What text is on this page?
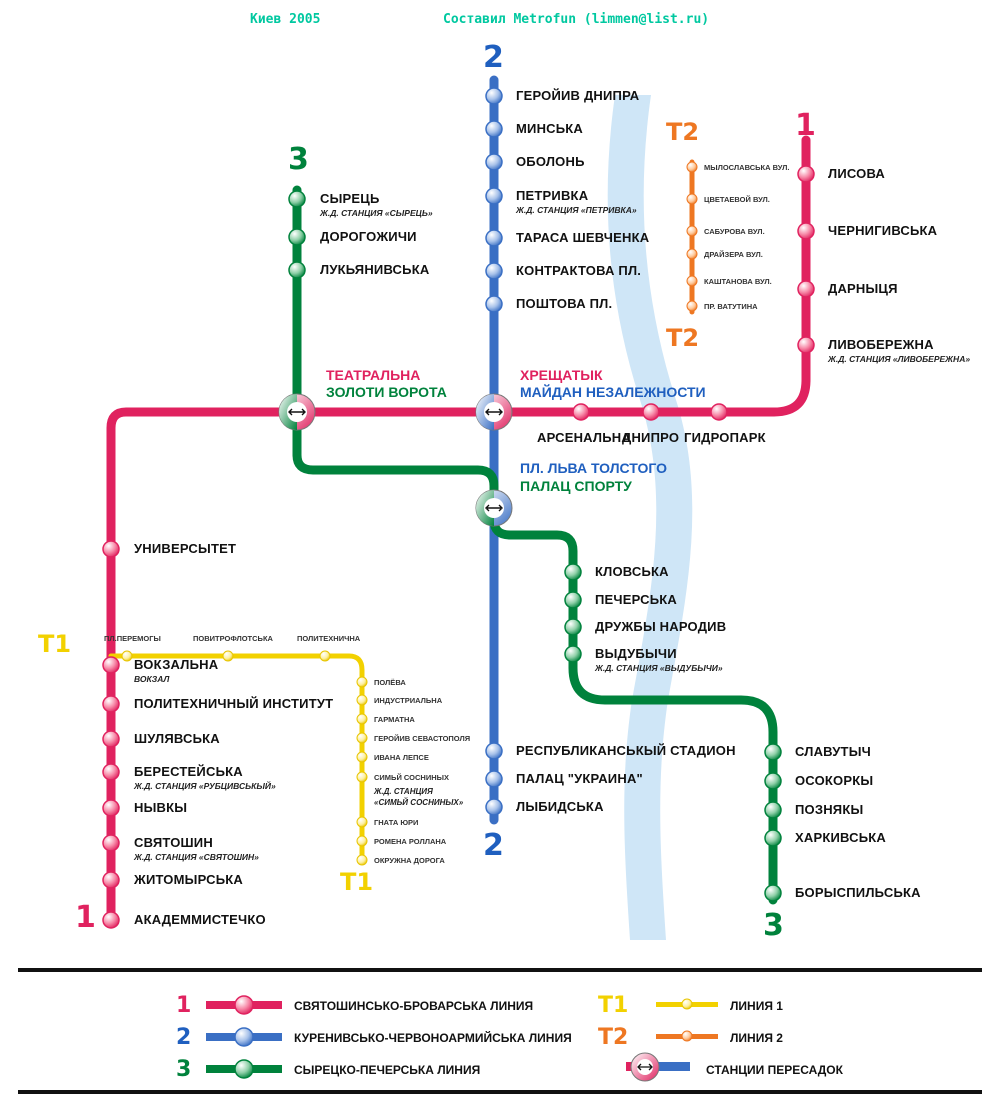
Киев 2005	Составил Metrofun (limmen@list.ru)
2
2
3
3
1
1
T1
T1
T2
T2
ГЕРОЙИВ ДНИПРА
МИНСЬКА
ОБОЛОНЬ
ПЕТРИВКА
Ж.Д. СТАНЦИЯ «ПЕТРИВКА»
ТАРАСА ШЕВЧЕНКА
КОНТРАКТОВА ПЛ.
ПОШТОВА ПЛ.
РЕСПУБЛИКАНСЬКЫЙ СТАДИОН
ПАЛАЦ "УКРАИНА"
ЛЫБИДСЬКА
СЫРЕЦЬ
Ж.Д. СТАНЦИЯ «СЫРЕЦЬ»
ДОРОГОЖИЧИ
ЛУКЬЯНИВСЬКА
КЛОВСЬКА
ПЕЧЕРСЬКА
ДРУЖБЫ НАРОДИВ
ВЫДУБЫЧИ
Ж.Д. СТАНЦИЯ «ВЫДУБЫЧИ»
СЛАВУТЫЧ
ОСОКОРКЫ
ПОЗНЯКЫ
ХАРКИВСЬКА
БОРЫСПИЛЬСЬКА
ЛИСОВА
ЧЕРНИГИВСЬКА
ДАРНЫЦЯ
ЛИВОБЕРЕЖНА
Ж.Д. СТАНЦИЯ «ЛИВОБЕРЕЖНА»
АРСЕНАЛЬНА
ДНИПРО ГИДРОПАРК
УНИВЕРСЫТЕТ
ВОКЗАЛЬНА
ВОКЗАЛ
ПОЛИТЕХНИЧНЫЙ ИНСТИТУТ
ШУЛЯВСЬКА
БЕРЕСТЕЙСЬКА
Ж.Д. СТАНЦИЯ «РУБЦИВСЬКЫЙ»
НЫВКЫ
СВЯТОШИН
Ж.Д. СТАНЦИЯ «СВЯТОШИН»
ЖИТОМЫРСЬКА
АКАДЕММИСТЕЧКО
ТЕАТРАЛЬНА
ЗОЛОТИ ВОРОТА
ХРЕЩАТЫК
МАЙДАН НЕЗАЛЕЖНОСТИ
ПЛ. ЛЬВА ТОЛСТОГО
ПАЛАЦ СПОРТУ
ПЛ.ПЕРЕМОГЫ	ПОВИТРОФЛОТСЬКА	ПОЛИТЕХНИЧНА
ПОЛЁВА
ИНДУСТРИАЛЬНА
ГАРМАТНА
ГЕРОЙИВ СЕВАСТОПОЛЯ
ИВАНА ЛЕПСЕ
СИМЬЙ СОСНИНЫХ
Ж.Д. СТАНЦИЯ
«СИМЬЙ СОСНИНЫХ»
ГНАТА ЮРИ
РОМЕНА РОЛЛАНА
ОКРУЖНА ДОРОГА
МЫЛОСЛАВСЬКА ВУЛ.
ЦВЕТАЕВОЙ ВУЛ.
САБУРОВА ВУЛ.
ДРАЙЗЕРА ВУЛ.
КАШТАНОВА ВУЛ.
ПР. ВАТУТИНА
1	СВЯТОШИНСЬКО-БРОВАРСЬКА ЛИНИЯ
2	КУРЕНИВСЬКО-ЧЕРВОНОАРМИЙСЬКА ЛИНИЯ
3	СЫРЕЦКО-ПЕЧЕРСЬКА ЛИНИЯ
T1	ЛИНИЯ 1
T2	ЛИНИЯ 2
СТАНЦИИ ПЕРЕСАДОК
